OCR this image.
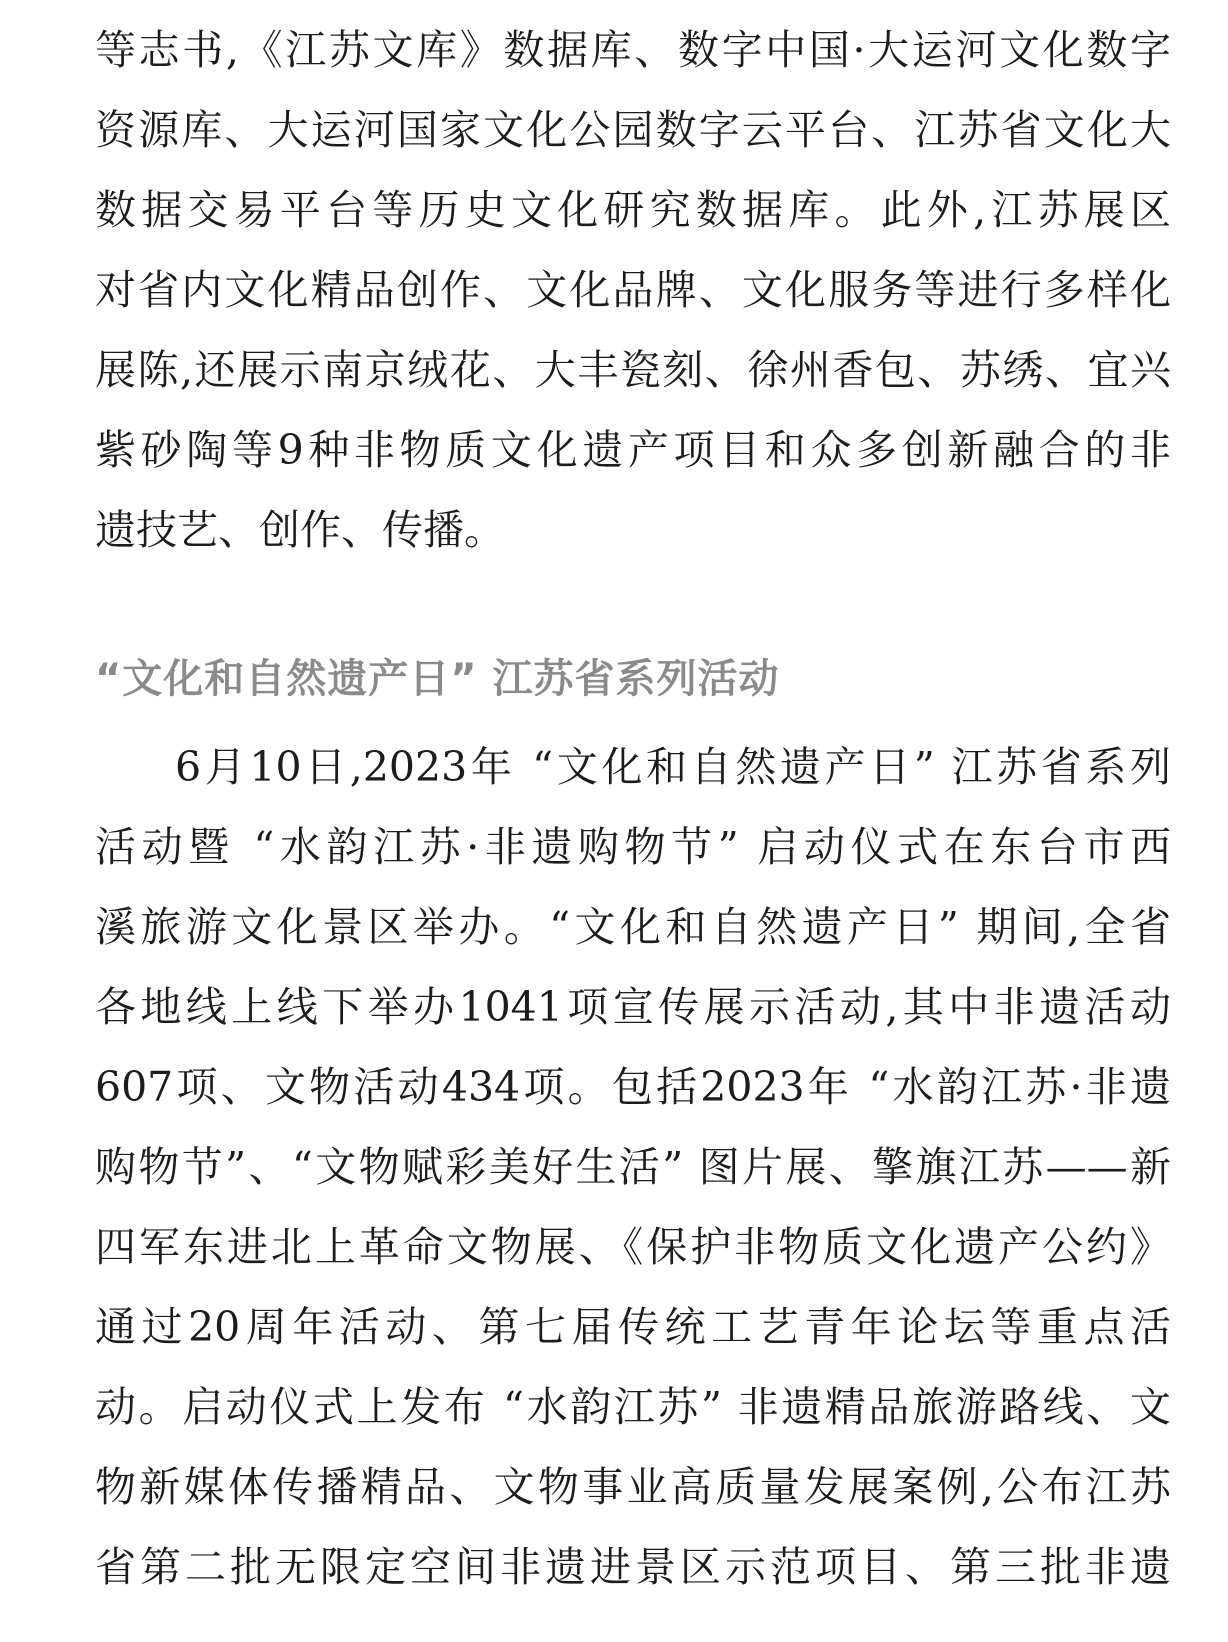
等志书,《江苏文库》数据库、数字中国·大运河文化数字
资源库、大运河国家文化公园数字云平台、江苏省文化大
数据交易平台等历史文化研究数据库。此外,江苏展区
对省内文化精品创作、文化品牌、文化服务等进行多样化
展陈,还展示南京绒花、大丰瓷刻、徐州香包、苏绣、宜兴
紫砂陶等9种非物质文化遗产项目和众多创新融合的非
遗技艺、创作、传播。
“文化和自然遗产日” 江苏省系列活动
6月10日,2023年 “文化和自然遗产日” 江苏省系列
活动暨 “水韵江苏·非遗购物节” 启动仪式在东台市西
溪旅游文化景区举办。“文化和自然遗产日” 期间,全省
各地线上线下举办1041项宣传展示活动,其中非遗活动
607项、文物活动434项。包括2023年 “水韵江苏·非遗
购物节”、“文物赋彩美好生活” 图片展、擎旗江苏——新
四军东进北上革命文物展、《保护非物质文化遗产公约》
通过20周年活动、第七届传统工艺青年论坛等重点活
动。启动仪式上发布 “水韵江苏” 非遗精品旅游路线、文
物新媒体传播精品、文物事业高质量发展案例,公布江苏
省第二批无限定空间非遗进景区示范项目、第三批非遗
